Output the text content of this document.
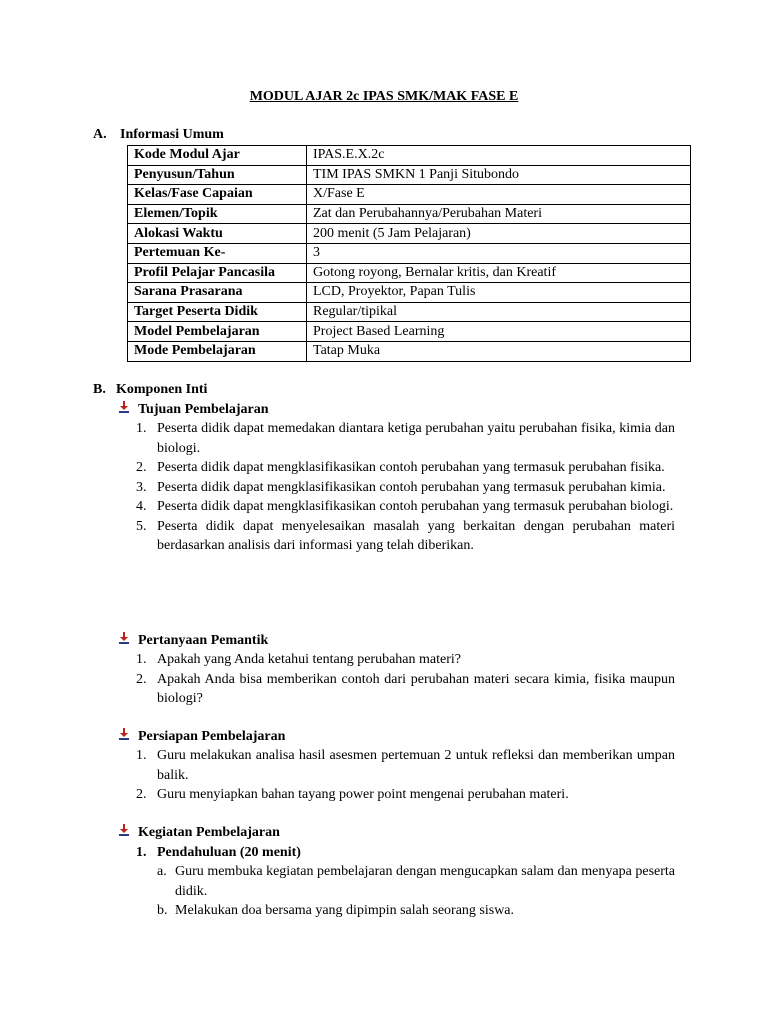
MODUL AJAR 2c IPAS SMK/MAK FASE E
A. Informasi Umum
Kode Modul Ajar	IPAS.E.X.2c
Penyusun/Tahun	TIM IPAS SMKN 1 Panji Situbondo
Kelas/Fase Capaian	X/Fase E
Elemen/Topik	Zat dan Perubahannya/Perubahan Materi
Alokasi Waktu	200 menit (5 Jam Pelajaran)
Pertemuan Ke-	3
Profil Pelajar Pancasila	Gotong royong, Bernalar kritis, dan Kreatif
Sarana Prasarana	LCD, Proyektor, Papan Tulis
Target Peserta Didik	Regular/tipikal
Model Pembelajaran	Project Based Learning
Mode Pembelajaran	Tatap Muka
B. Komponen Inti
Tujuan Pembelajaran
1. Peserta didik dapat memedakan diantara ketiga perubahan yaitu perubahan fisika, kimia dan biologi.
2. Peserta didik dapat mengklasifikasikan contoh perubahan yang termasuk perubahan fisika.
3. Peserta didik dapat mengklasifikasikan contoh perubahan yang termasuk perubahan kimia.
4. Peserta didik dapat mengklasifikasikan contoh perubahan yang termasuk perubahan biologi.
5. Peserta didik dapat menyelesaikan masalah yang berkaitan dengan perubahan materi berdasarkan analisis dari informasi yang telah diberikan.
Pertanyaan Pemantik
1. Apakah yang Anda ketahui tentang perubahan materi?
2. Apakah Anda bisa memberikan contoh dari perubahan materi secara kimia, fisika maupun biologi?
Persiapan Pembelajaran
1. Guru melakukan analisa hasil asesmen pertemuan 2 untuk refleksi dan memberikan umpan balik.
2. Guru menyiapkan bahan tayang power point mengenai perubahan materi.
Kegiatan Pembelajaran
1. Pendahuluan (20 menit)
a. Guru membuka kegiatan pembelajaran dengan mengucapkan salam dan menyapa peserta didik.
b. Melakukan doa bersama yang dipimpin salah seorang siswa.
